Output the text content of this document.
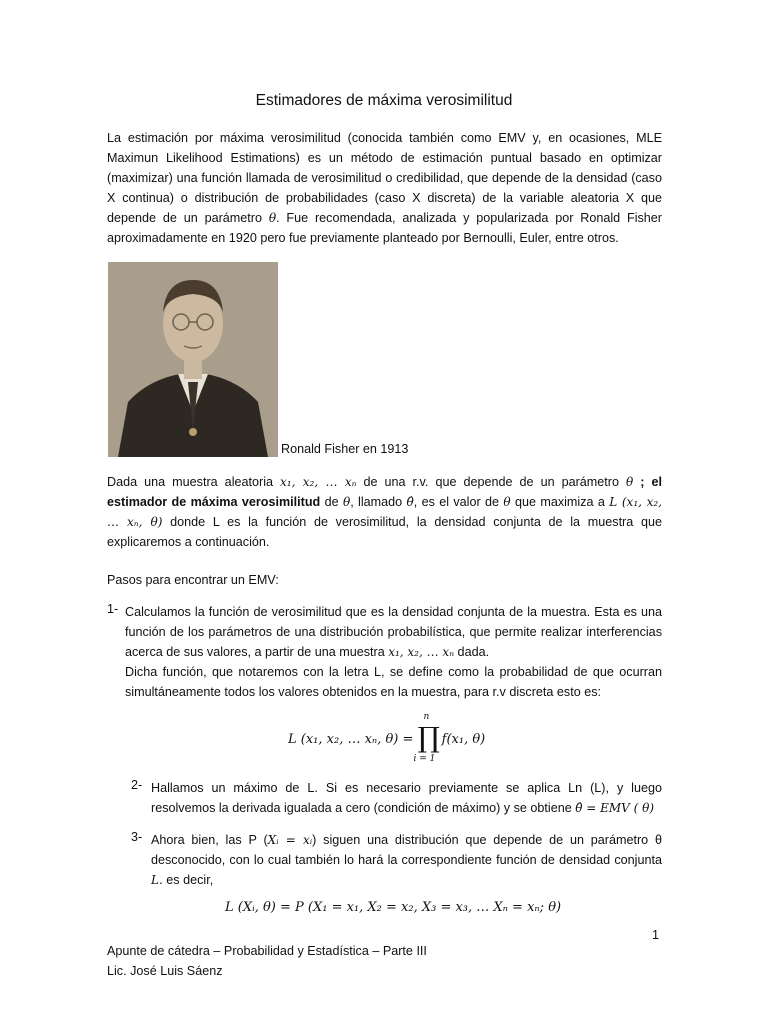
Estimadores de máxima verosimilitud
La estimación por máxima verosimilitud (conocida también como EMV y, en ocasiones, MLE Maximun Likelihood Estimations) es un método de estimación puntual basado en optimizar (maximizar) una función llamada de verosimilitud o credibilidad, que depende de la densidad (caso X continua) o distribución de probabilidades (caso X discreta) de la variable aleatoria X que depende de un parámetro θ. Fue recomendada, analizada y popularizada por Ronald Fisher aproximadamente en 1920 pero fue previamente planteado por Bernoulli, Euler, entre otros.
Ronald Fisher en 1913
Dada una muestra aleatoria x₁, x₂, … xₙ de una r.v. que depende de un parámetro θ ; el estimador de máxima verosimilitud de θ, llamado θ̂, es el valor de θ que maximiza a L (x₁, x₂, … xₙ, θ) donde L es la función de verosimilitud, la densidad conjunta de la muestra que explicaremos a continuación.
Pasos para encontrar un EMV:
1- Calculamos la función de verosimilitud que es la densidad conjunta de la muestra. Esta es una función de los parámetros de una distribución probabilística, que permite realizar interferencias acerca de sus valores, a partir de una muestra x₁, x₂, … xₙ dada.
Dicha función, que notaremos con la letra L, se define como la probabilidad de que ocurran simultáneamente todos los valores obtenidos en la muestra, para r.v discreta esto es:
L (x₁, x₂, … xₙ, θ) =
n
∏
i = 1
f(x₁, θ)
2- Hallamos un máximo de L. Si es necesario previamente se aplica Ln (L), y luego resolvemos la derivada igualada a cero (condición de máximo) y se obtiene θ̂ = EMV ( θ)
3- Ahora bien, las P (Xᵢ = xᵢ) siguen una distribución que depende de un parámetro θ desconocido, con lo cual también lo hará la correspondiente función de densidad conjunta L. es decir,
L (Xᵢ, θ) = P (X₁ = x₁, X₂ = x₂, X₃ = x₃, … Xₙ = xₙ; θ)
1
Apunte de cátedra – Probabilidad y Estadística – Parte III
Lic. José Luis Sáenz
